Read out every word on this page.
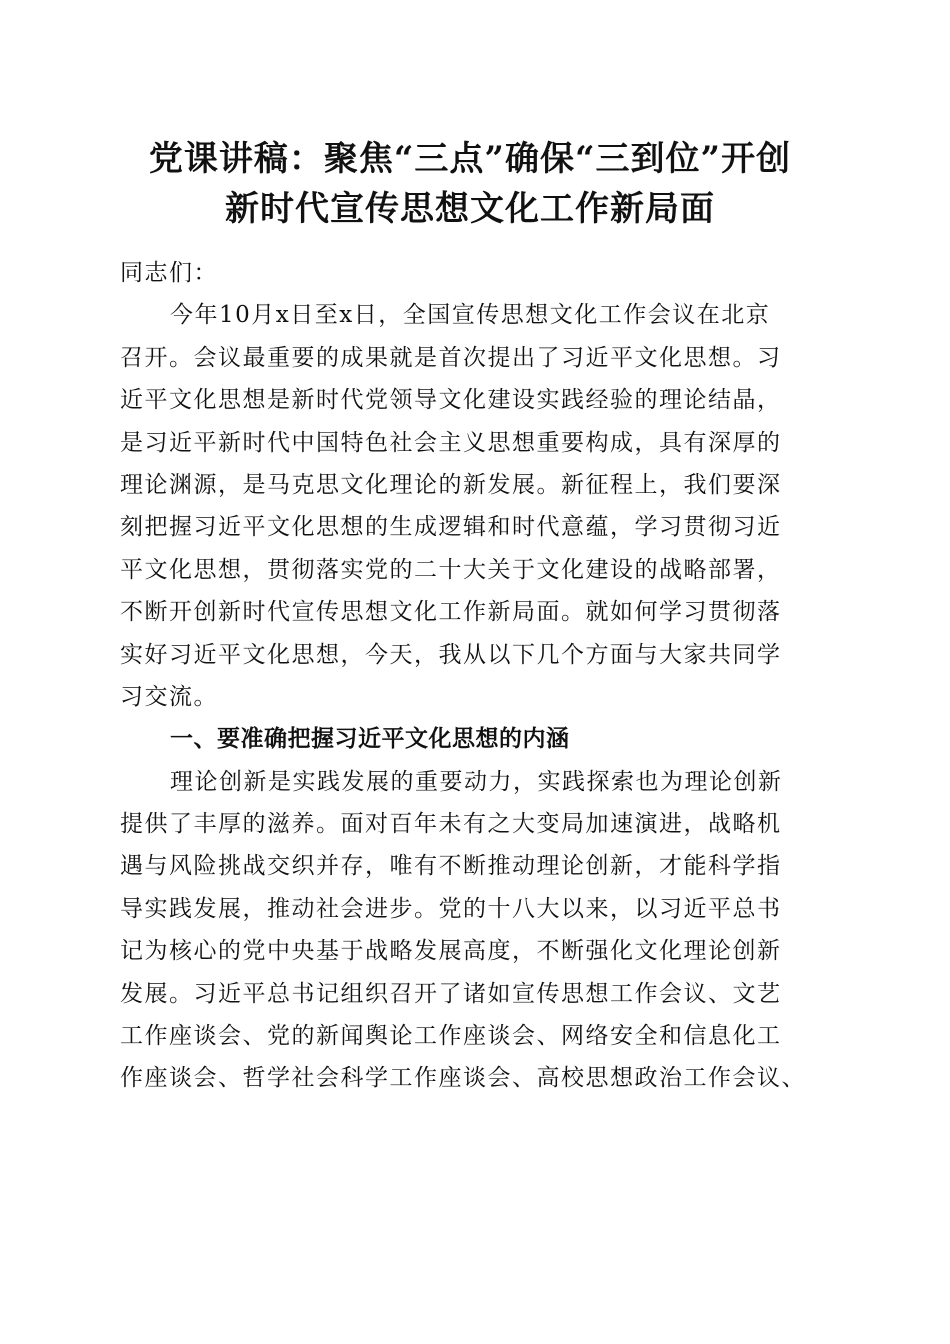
党课讲稿：聚焦“三点”确保“三到位”开创
新时代宣传思想文化工作新局面
同志们：
今年10月x日至x日，全国宣传思想文化工作会议在北京
召开。会议最重要的成果就是首次提出了习近平文化思想。习
近平文化思想是新时代党领导文化建设实践经验的理论结晶，
是习近平新时代中国特色社会主义思想重要构成，具有深厚的
理论渊源，是马克思文化理论的新发展。新征程上，我们要深
刻把握习近平文化思想的生成逻辑和时代意蕴，学习贯彻习近
平文化思想，贯彻落实党的二十大关于文化建设的战略部署，
不断开创新时代宣传思想文化工作新局面。就如何学习贯彻落
实好习近平文化思想，今天，我从以下几个方面与大家共同学
习交流。
一、要准确把握习近平文化思想的内涵
理论创新是实践发展的重要动力，实践探索也为理论创新
提供了丰厚的滋养。面对百年未有之大变局加速演进，战略机
遇与风险挑战交织并存，唯有不断推动理论创新，才能科学指
导实践发展，推动社会进步。党的十八大以来，以习近平总书
记为核心的党中央基于战略发展高度，不断强化文化理论创新
发展。习近平总书记组织召开了诸如宣传思想工作会议、文艺
工作座谈会、党的新闻舆论工作座谈会、网络安全和信息化工
作座谈会、哲学社会科学工作座谈会、高校思想政治工作会议、
